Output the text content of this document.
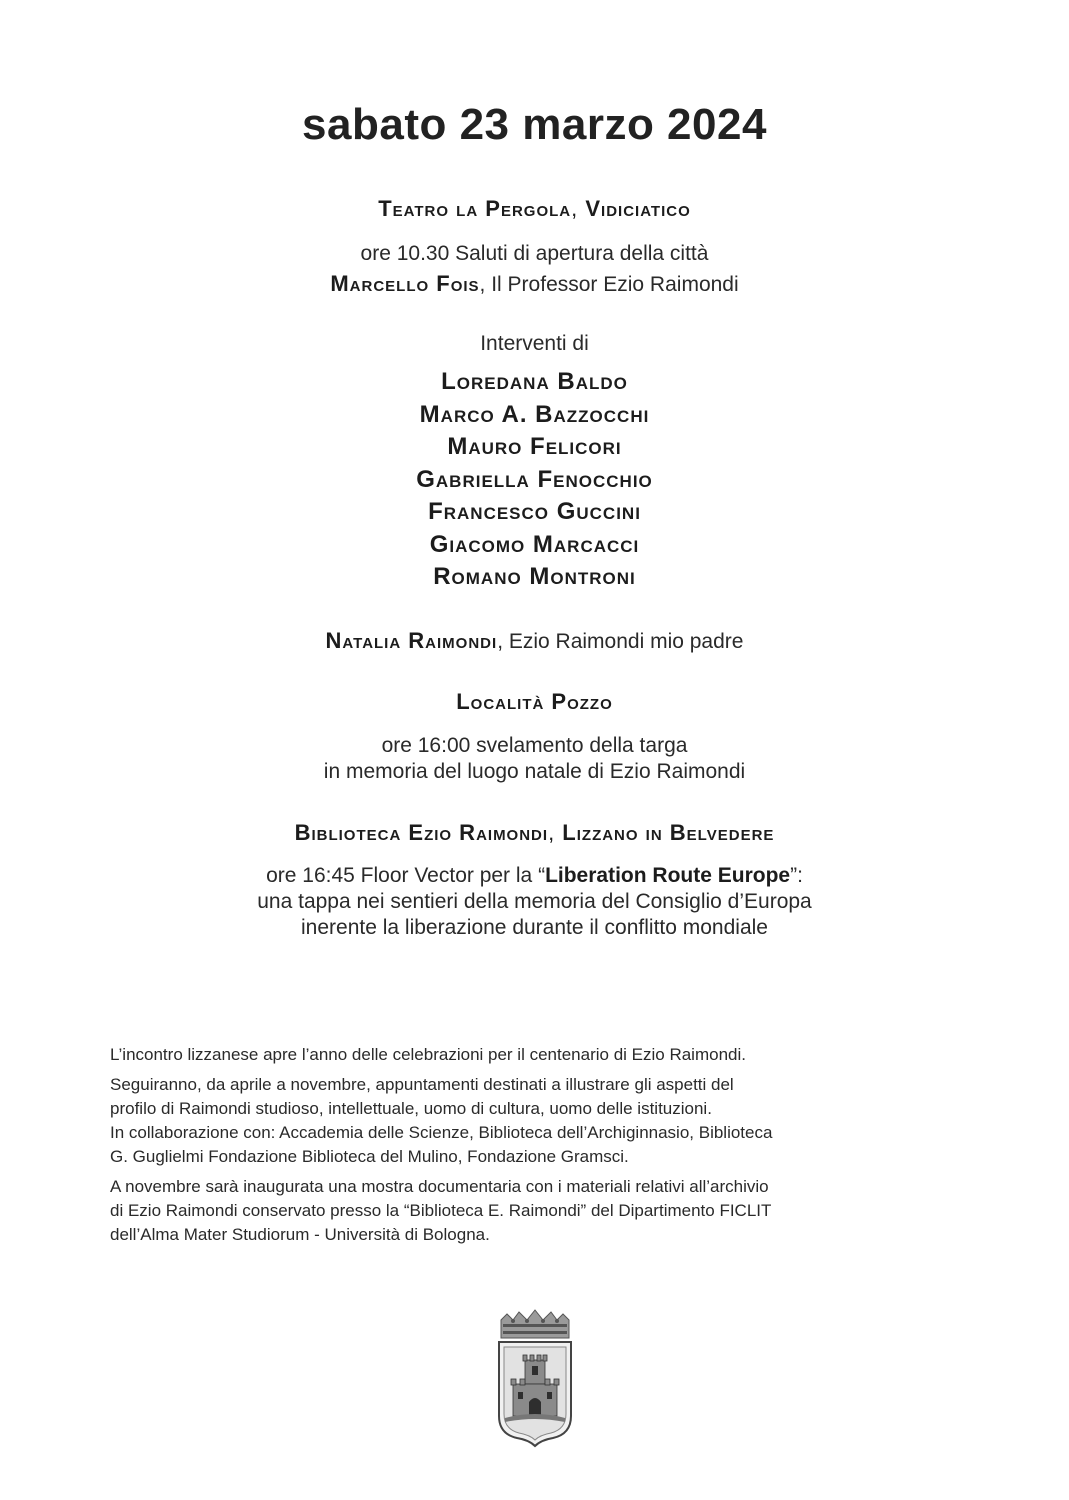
sabato 23 marzo 2024
Teatro la Pergola, Vidiciatico
ore 10.30 Saluti di apertura della città
Marcello Fois, Il Professor Ezio Raimondi
Interventi di
Loredana Baldo
Marco A. Bazzocchi
Mauro Felicori
Gabriella Fenocchio
Francesco Guccini
Giacomo Marcacci
Romano Montroni
Natalia Raimondi, Ezio Raimondi mio padre
Località Pozzo
ore 16:00 svelamento della targa
in memoria del luogo natale di Ezio Raimondi
Biblioteca Ezio Raimondi, Lizzano in Belvedere
ore 16:45 Floor Vector per la “Liberation Route Europe”:
una tappa nei sentieri della memoria del Consiglio d’Europa
inerente la liberazione durante il conflitto mondiale

L’incontro lizzanese apre l’anno delle celebrazioni per il centenario di Ezio Raimondi.

Seguiranno, da aprile a novembre, appuntamenti destinati a illustrare gli aspetti del

profilo di Raimondi studioso, intellettuale, uomo di cultura, uomo delle istituzioni.

In collaborazione con: Accademia delle Scienze, Biblioteca dell’Archiginnasio, Biblioteca

G. Guglielmi Fondazione Biblioteca del Mulino, Fondazione Gramsci.

A novembre sarà inaugurata una mostra documentaria con i materiali relativi all’archivio

di Ezio Raimondi conservato presso la “Biblioteca E. Raimondi” del Dipartimento FICLIT

dell’Alma Mater Studiorum - Università di Bologna.
